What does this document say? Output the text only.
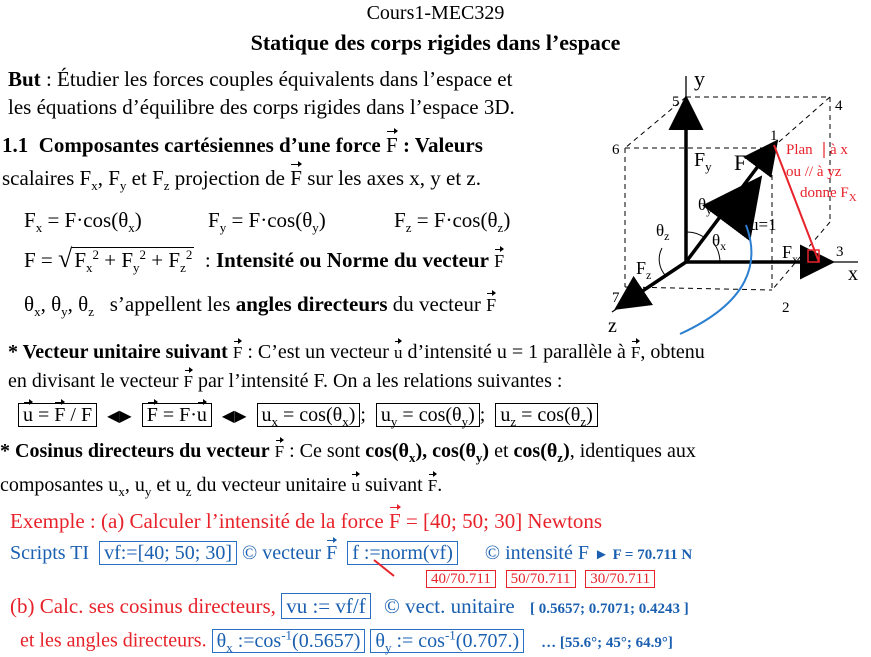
Cours1-MEC329
Statique des corps rigides dans l’espace
But : Étudier les forces couples équivalents dans l’espace et
les équations d’équilibre des corps rigides dans l’espace 3D.
1.1 Composantes cartésiennes d’une force F : Valeurs
scalaires $F_x$, $F_y$ et $F_z$ projection de F sur les axes x, y et z.
$F_x = F\cdot\cos(\theta_x)$	$F_y = F\cdot\cos(\theta_y)$	$F_z = F\cdot\cos(\theta_z)$
$F = √F_x^2 + F_y^2 + F_z^2$  : Intensité ou Norme du vecteur F
$\theta_x$, $\theta_y$, $\theta_z$ s’appellent les angles directeurs du vecteur F
* Vecteur unitaire suivant F : C’est un vecteur u d’intensité u = 1 parallèle à F, obtenu
en divisant le vecteur F par l’intensité F. On a les relations suivantes :
u = F / F ◀▶ F = F·u ◀▶ $u_x = \cos(\theta_x)$ ;  $u_y = \cos(\theta_y)$ ;  $u_z = \cos(\theta_z)$
* Cosinus directeurs du vecteur F : Ce sont $\cos(\theta_x)$, $\cos(\theta_y)$ et $\cos(\theta_z)$, identiques aux
composantes $u_x$, $u_y$ et $u_z$ du vecteur unitaire u suivant F.
Exemple : (a) Calculer l’intensité de la force F = [40; 50; 30] Newtons
Scripts TI vf:=[40; 50; 30] © vecteur F f :=norm(vf) © intensité F ► F = 70.711 N
40/70.711 50/70.711 30/70.711
(b) Calc. ses cosinus directeurs, vu := vf/f © vect. unitaire [ 0.5657; 0.7071; 0.4243 ]
et les angles directeurs. $\theta_x$ $:=\cos^{-1}(0.5657)$ $\theta_y$ := $\cos^{-1}(0.707.)$ … [55.6°; 45°; 64.9°]
y
x
z
1
2
3
4
5
6
7
F
$F_y$
$F_x$
$F_z$
u=1
$\theta_y$
$\theta_x$
$\theta_z$
Plan à x
ou // à yz
donne $F_X$
